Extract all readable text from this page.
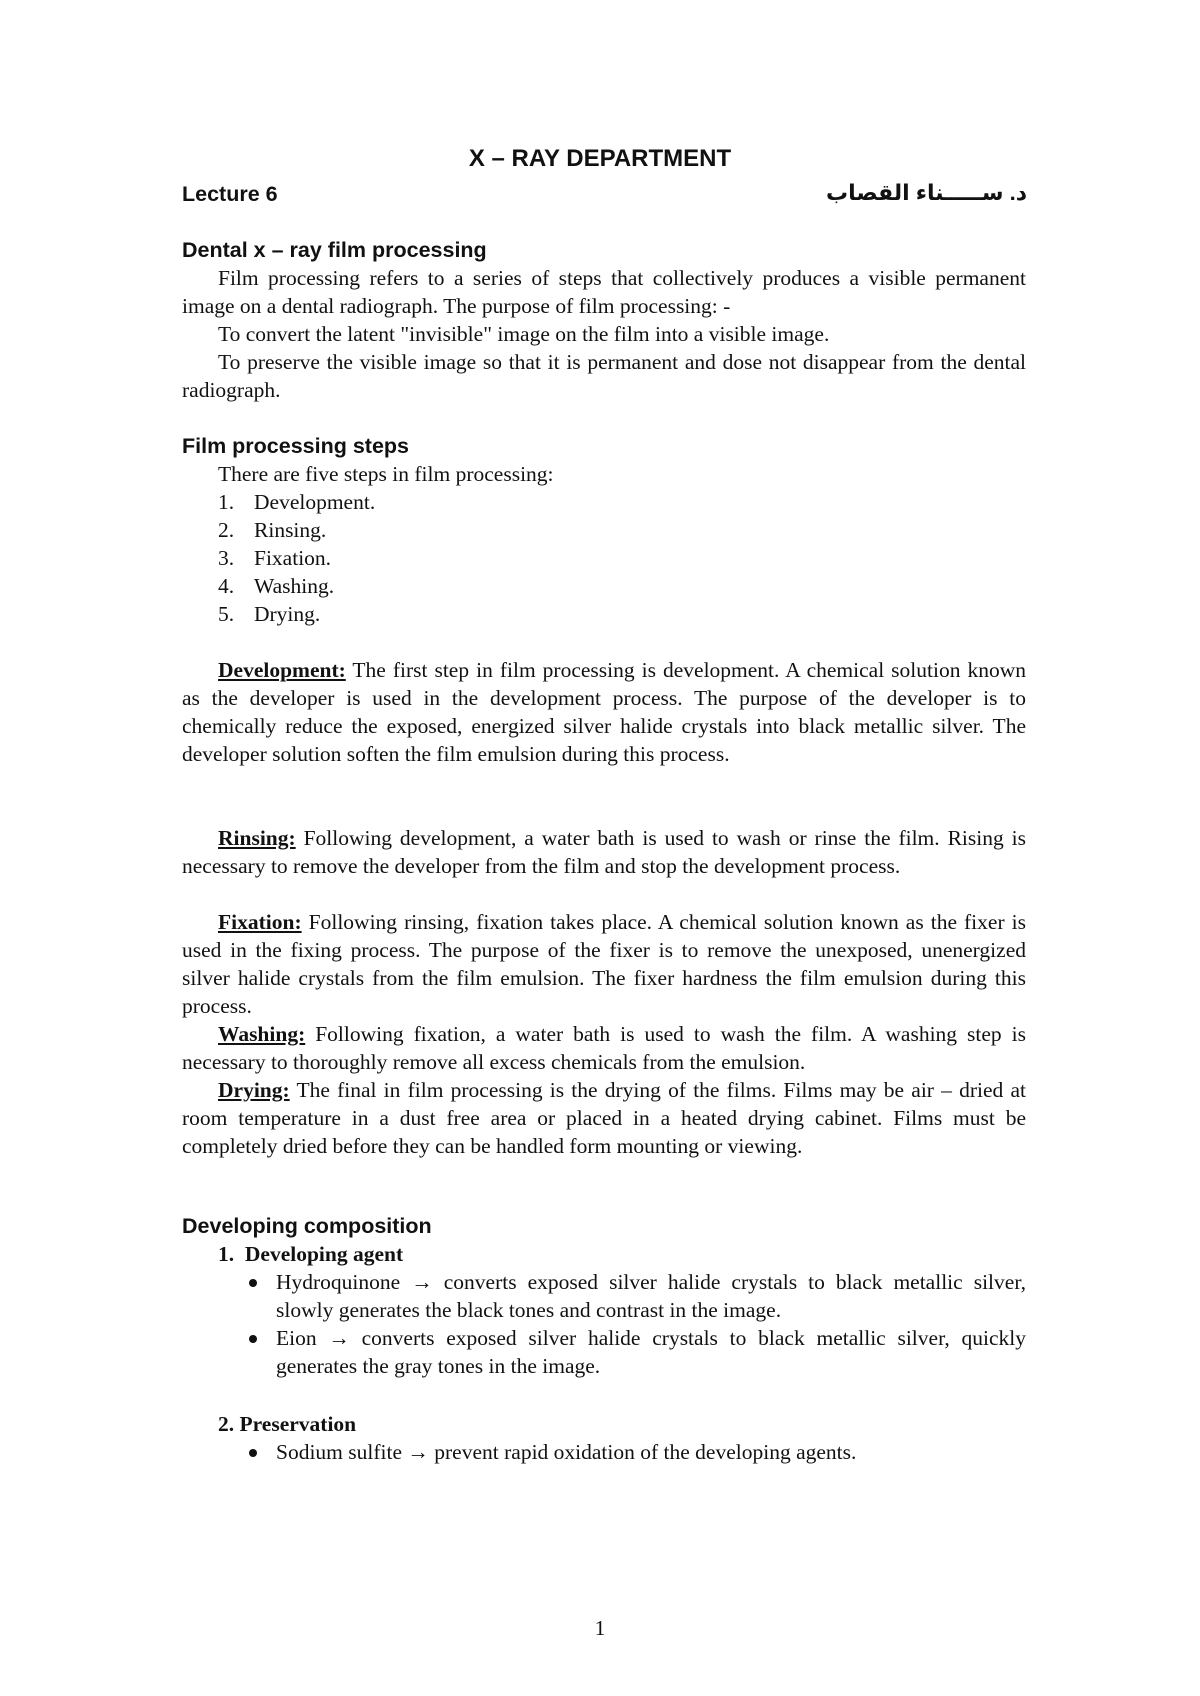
X – RAY DEPARTMENT
Lecture 6	د. ســـــناء القصاب
Dental x – ray film processing

Film processing refers to a series of steps that collectively produces a visible permanent image on a dental radiograph. The purpose of film processing: -

To convert the latent "invisible" image on the film into a visible image.

To preserve the visible image so that it is permanent and dose not disappear from the dental radiograph.

Film processing steps

There are five steps in film processing:

1. Development.
2. Rinsing.
3. Fixation.
4. Washing.
5. Drying.

Development: The first step in film processing is development. A chemical solution known as the developer is used in the development process. The purpose of the developer is to chemically reduce the exposed, energized silver halide crystals into black metallic silver. The developer solution soften the film emulsion during this process.

Rinsing: Following development, a water bath is used to wash or rinse the film. Rising is necessary to remove the developer from the film and stop the development process.

Fixation: Following rinsing, fixation takes place. A chemical solution known as the fixer is used in the fixing process. The purpose of the fixer is to remove the unexposed, unenergized silver halide crystals from the film emulsion. The fixer hardness the film emulsion during this process.

Washing: Following fixation, a water bath is used to wash the film. A washing step is necessary to thoroughly remove all excess chemicals from the emulsion.

Drying: The final in film processing is the drying of the films. Films may be air – dried at room temperature in a dust free area or placed in a heated drying cabinet. Films must be completely dried before they can be handled form mounting or viewing.

Developing composition
1.  Developing agent
Hydroquinone → converts exposed silver halide crystals to black metallic silver, slowly generates the black tones and contrast in the image.
Eion → converts exposed silver halide crystals to black metallic silver, quickly generates the gray tones in the image.
2. Preservation
Sodium sulfite → prevent rapid oxidation of the developing agents.
1
